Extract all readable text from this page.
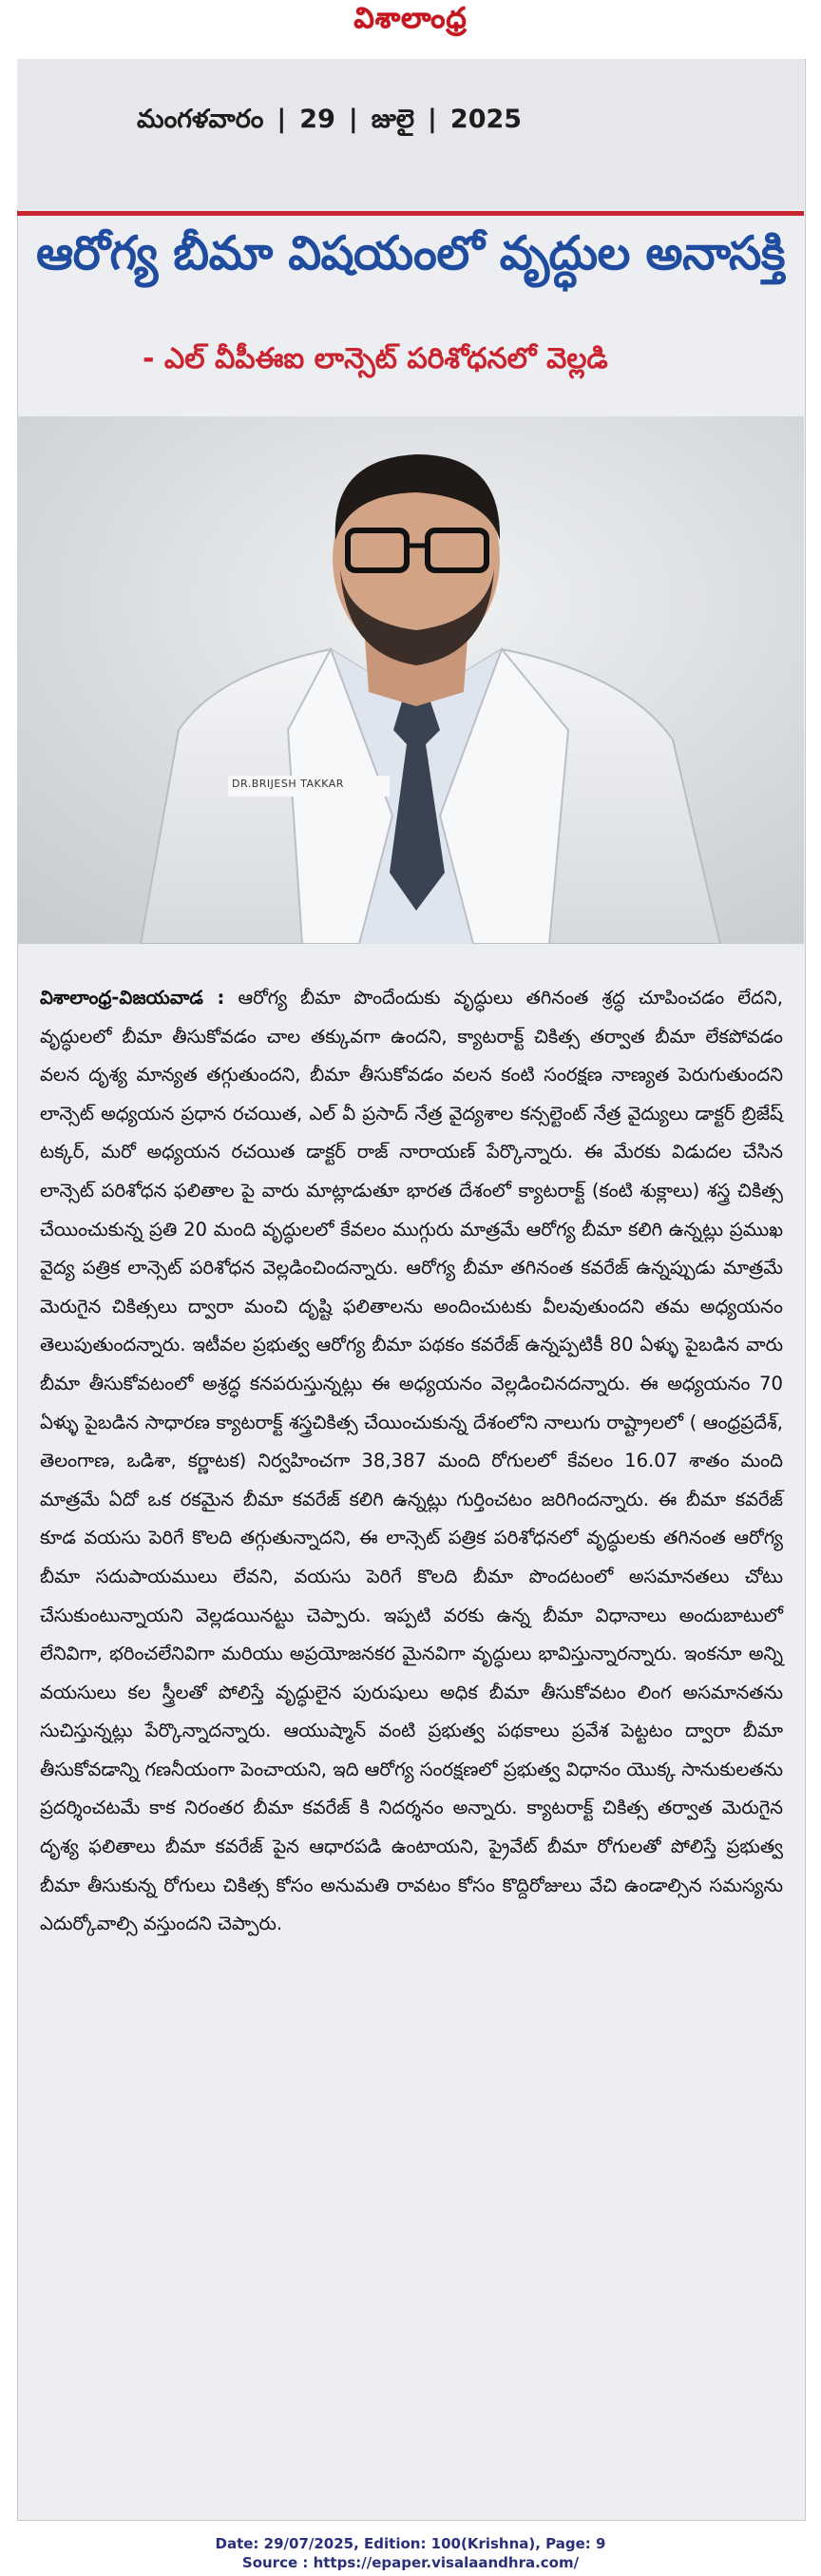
విశాలాంధ్ర
మంగళవారం | 29 | జులై | 2025
ఆరోగ్య బీమా విషయంలో వృద్ధుల అనాసక్తి
- ఎల్ వీపీఈఐ లాన్సెట్ పరిశోధనలో వెల్లడి
DR.BRIJESH TAKKAR
విశాలాంధ్ర-విజయవాడ : ఆరోగ్య బీమా పొందేందుకు వృద్ధులు తగినంత శ్రద్ధ చూపించడం లేదని, వృద్ధులలో బీమా తీసుకోవడం చాల తక్కువగా ఉందని, క్యాటరాక్ట్ చికిత్స తర్వాత బీమా లేకపోవడం వలన దృశ్య మాన్యత తగ్గుతుందని, బీమా తీసుకోవడం వలన కంటి సంరక్షణ నాణ్యత పెరుగుతుందని లాన్సెట్ అధ్యయన ప్రధాన రచయిత, ఎల్ వీ ప్రసాద్ నేత్ర వైద్యశాల కన్సల్టెంట్ నేత్ర వైద్యులు డాక్టర్ బ్రిజేష్ టక్కర్, మరో అధ్యయన రచయిత డాక్టర్ రాజ్ నారాయణ్ పేర్కొన్నారు. ఈ మేరకు విడుదల చేసిన లాన్సెట్ పరిశోధన ఫలితాల పై వారు మాట్లాడుతూ భారత దేశంలో క్యాటరాక్ట్ (కంటి శుక్లాలు) శస్త్ర చికిత్స చేయించుకున్న ప్రతి 20 మంది వృద్ధులలో కేవలం ముగ్గురు మాత్రమే ఆరోగ్య బీమా కలిగి ఉన్నట్లు ప్రముఖ వైద్య పత్రిక లాన్సెట్ పరిశోధన వెల్లడించిందన్నారు. ఆరోగ్య బీమా తగినంత కవరేజ్ ఉన్నప్పుడు మాత్రమే మెరుగైన చికిత్సలు ద్వారా మంచి దృష్టి ఫలితాలను అందించుటకు వీలవుతుందని తమ అధ్యయనం తెలుపుతుందన్నారు. ఇటీవల ప్రభుత్వ ఆరోగ్య బీమా పథకం కవరేజ్ ఉన్నప్పటికీ 80 ఏళ్ళు పైబడిన వారు బీమా తీసుకోవటంలో అశ్రద్ధ కనపరుస్తున్నట్లు ఈ అధ్యయనం వెల్లడించినదన్నారు. ఈ అధ్యయనం 70 ఏళ్ళు పైబడిన సాధారణ క్యాటరాక్ట్ శస్త్రచికిత్స చేయించుకున్న దేశంలోని నాలుగు రాష్ట్రాలలో ( ఆంధ్రప్రదేశ్, తెలంగాణ, ఒడిశా, కర్ణాటక) నిర్వహించగా 38,387 మంది రోగులలో కేవలం 16.07 శాతం మంది మాత్రమే ఏదో ఒక రకమైన బీమా కవరేజ్ కలిగి ఉన్నట్లు గుర్తించటం జరిగిందన్నారు. ఈ బీమా కవరేజ్ కూడ వయసు పెరిగే కొలది తగ్గుతున్నాదని, ఈ లాన్సెట్ పత్రిక పరిశోధనలో వృద్ధులకు తగినంత ఆరోగ్య బీమా సదుపాయములు లేవని, వయసు పెరిగే కొలది బీమా పొందటంలో అసమానతలు చోటు చేసుకుంటున్నాయని వెల్లడయినట్టు చెప్పారు. ఇప్పటి వరకు ఉన్న బీమా విధానాలు అందుబాటులో లేనివిగా, భరించలేనివిగా మరియు అప్రయోజనకర మైనవిగా వృద్ధులు భావిస్తున్నారన్నారు. ఇంకనూ అన్ని వయసులు కల స్త్రీలతో పోలిస్తే వృద్ధులైన పురుషులు అధిక బీమా తీసుకోవటం లింగ అసమానతను సుచిస్తున్నట్లు పేర్కొన్నాదన్నారు. ఆయుష్మాన్ వంటి ప్రభుత్వ పథకాలు ప్రవేశ పెట్టటం ద్వారా బీమా తీసుకోవడాన్ని గణనీయంగా పెంచాయని, ఇది ఆరోగ్య సంరక్షణలో ప్రభుత్వ విధానం యొక్క సానుకులతను ప్రదర్శించటమే కాక నిరంతర బీమా కవరేజ్ కి నిదర్శనం అన్నారు. క్యాటరాక్ట్ చికిత్స తర్వాత మెరుగైన దృశ్య ఫలితాలు బీమా కవరేజ్ పైన ఆధారపడి ఉంటాయని, ప్రైవేట్ బీమా రోగులతో పోలిస్తే ప్రభుత్వ బీమా తీసుకున్న రోగులు చికిత్స కోసం అనుమతి రావటం కోసం కొద్దిరోజులు వేచి ఉండాల్సిన సమస్యను ఎదుర్కోవాల్సి వస్తుందని చెప్పారు.
Date: 29/07/2025, Edition: 100(Krishna), Page: 9
Source : https://epaper.visalaandhra.com/
